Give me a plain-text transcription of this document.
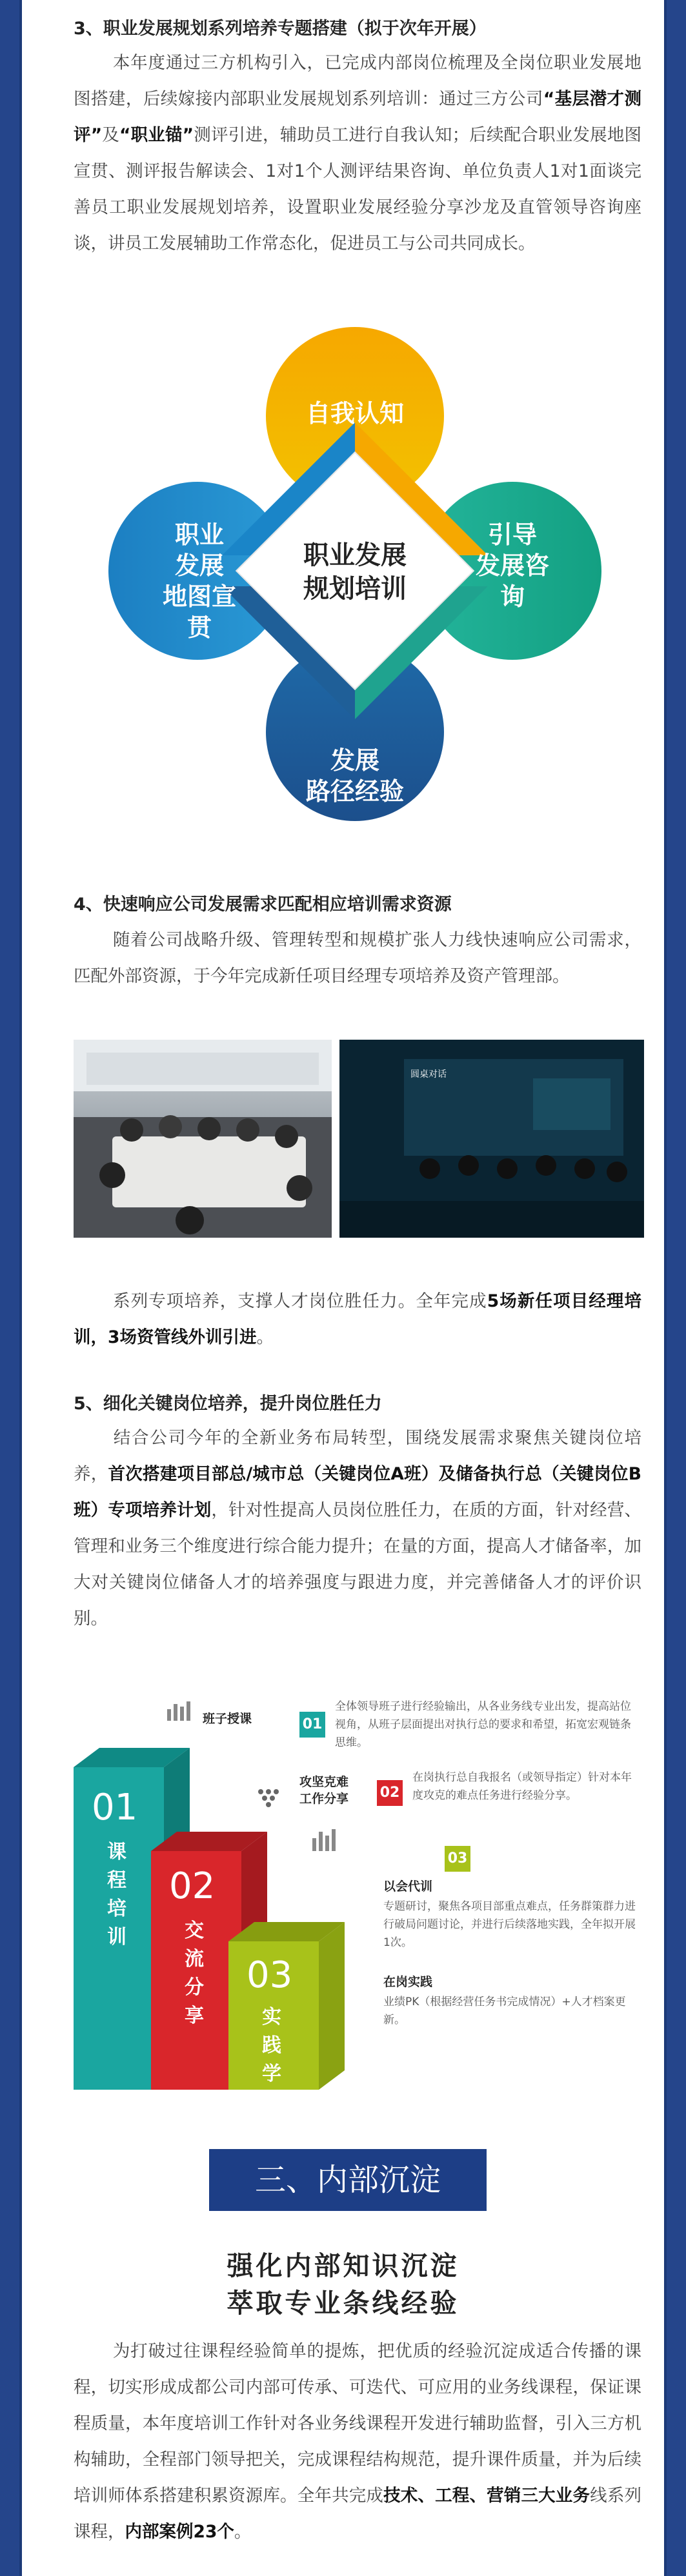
3、职业发展规划系列培养专题搭建（拟于次年开展）
本年度通过三方机构引入，已完成内部岗位梳理及全岗位职业发展地图搭建，后续嫁接内部职业发展规划系列培训：通过三方公司“基层潜才测评”及“职业锚”测评引进，辅助员工进行自我认知；后续配合职业发展地图宣贯、测评报告解读会、1对1个人测评结果咨询、单位负责人1对1面谈完善员工职业发展规划培养，设置职业发展经验分享沙龙及直管领导咨询座谈，讲员工发展辅助工作常态化，促进员工与公司共同成长。
自我认知
引导
发展咨询
发展
路径经验
职业
发展
地图宣贯
职业发展
规划培训
4、快速响应公司发展需求匹配相应培训需求资源
随着公司战略升级、管理转型和规模扩张人力线快速响应公司需求，匹配外部资源，于今年完成新任项目经理专项培养及资产管理部。
圆桌对话
系列专项培养，支撑人才岗位胜任力。全年完成5场新任项目经理培训，3场资管线外训引进。
5、细化关键岗位培养，提升岗位胜任力
结合公司今年的全新业务布局转型，围绕发展需求聚焦关键岗位培养，首次搭建项目部总/城市总（关键岗位A班）及储备执行总（关键岗位B班）专项培养计划，针对性提高人员岗位胜任力，在质的方面，针对经营、管理和业务三个维度进行综合能力提升；在量的方面，提高人才储备率，加大对关键岗位储备人才的培养强度与跟进力度，并完善储备人才的评价识别。
01
课程培训
02
交流分享
03
实践学习
班子授课	01
全体领导班子进行经验输出，从各业务线专业出发，提高站位视角，从班子层面提出对执行总的要求和希望，拓宽宏观链条思维。
攻坚克难
工作分享 02
在岗执行总自我报名（或领导指定）针对本年度攻克的难点任务进行经验分享。
03
以会代训
专题研讨，聚焦各项目部重点难点，任务群策群力进行破局问题讨论，并进行后续落地实践，全年拟开展1次。
在岗实践
业绩PK（根据经营任务书完成情况）+人才档案更新。
三、内部沉淀
强化内部知识沉淀
萃取专业条线经验
为打破过往课程经验简单的提炼，把优质的经验沉淀成适合传播的课程，切实形成成都公司内部可传承、可迭代、可应用的业务线课程，保证课程质量，本年度培训工作针对各业务线课程开发进行辅助监督，引入三方机构辅助，全程部门领导把关，完成课程结构规范，提升课件质量，并为后续培训师体系搭建积累资源库。全年共完成技术、工程、营销三大业务线系列课程，内部案例23个。
